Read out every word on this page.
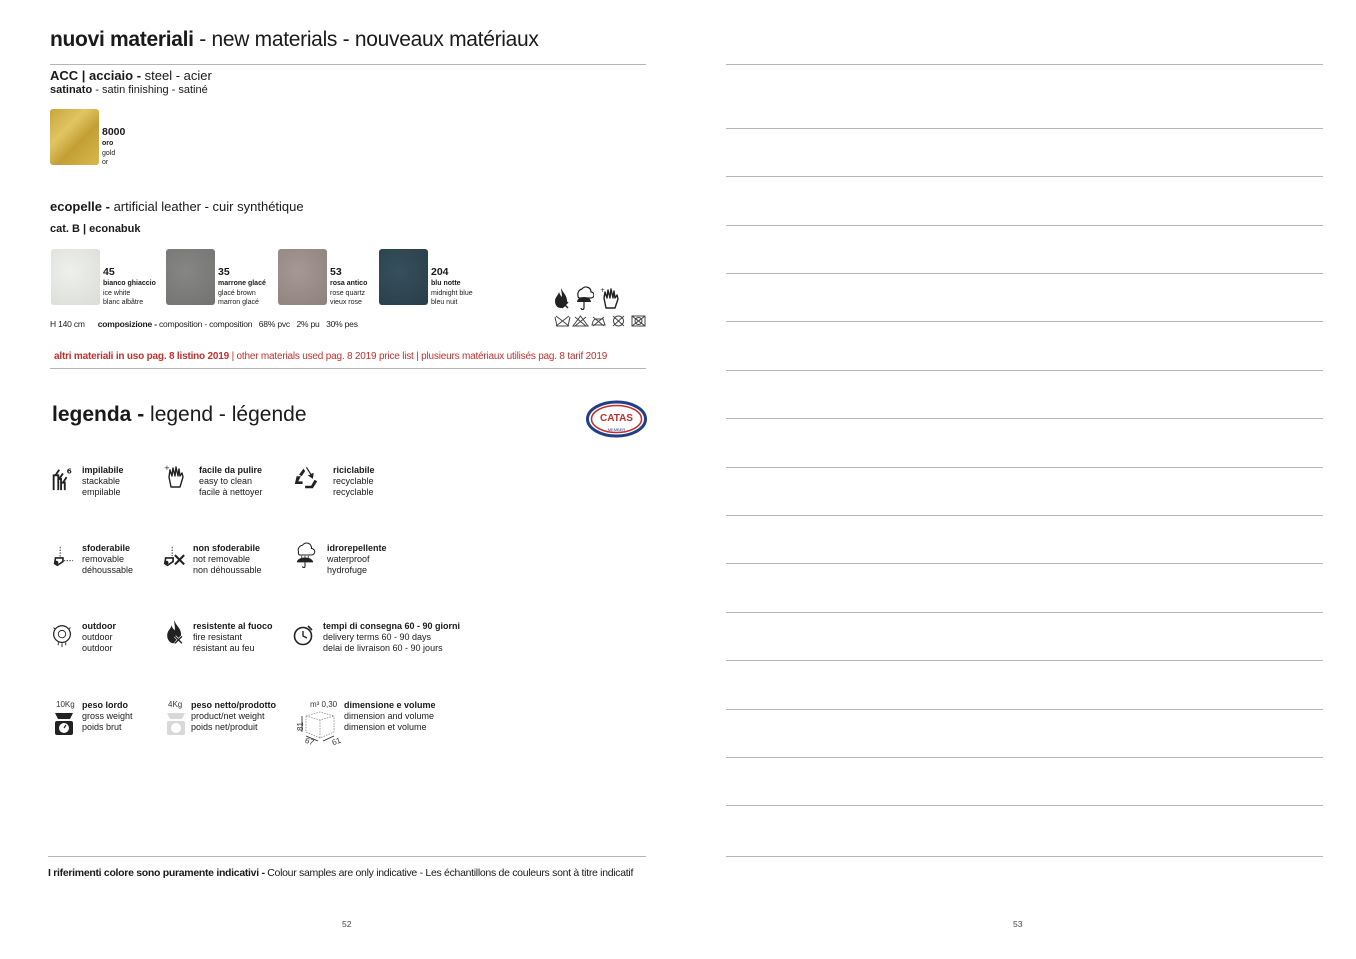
nuovi materiali - new materials - nouveaux matériaux
ACC | acciaio - steel - acier
satinato - satin finishing - satiné
8000
oro
gold
or
ecopelle - artificial leather - cuir synthétique
cat. B | econabuk
45
bianco ghiaccio
ice white
blanc albâtre
35
marrone glacé
glacé brown
marron glacé
53
rosa antico
rose quartz
vieux rose
204
blu notte
midnight blue
bleu nuit
+
H 140 cm composizione - composition - composition 68% pvc 2% pu 30% pes
altri materiali in uso pag. 8 listino 2019 | other materials used pag. 8 2019 price list | plusieurs matériaux utilisés pag. 8 tarif 2019
legenda - legend - légende	CATAS
MEMBER
6 impilabile
stackable
empilable
+	facile da pulire
easy to clean
facile à nettoyer
riciclabile
recyclable
recyclable
sfoderabile
removable
déhoussable
non sfoderabile
not removable
non déhoussable
idrorepellente
waterproof
hydrofuge
outdoor
outdoor
outdoor
resistente al fuoco
fire resistant
résistant au feu
tempi di consegna 60 - 90 giorni
delivery terms 60 - 90 days
delai de livraison 60 - 90 jours
10Kg peso lordo
gross weight
poids brut
4Kg peso netto/prodotto
product/net weight
poids net/produit
m³ 0,30
81
67 61
dimensione e volume
dimension and volume
dimension et volume
I riferimenti colore sono puramente indicativi - Colour samples are only indicative - Les échantillons de couleurs sont à titre indicatif
52	53
